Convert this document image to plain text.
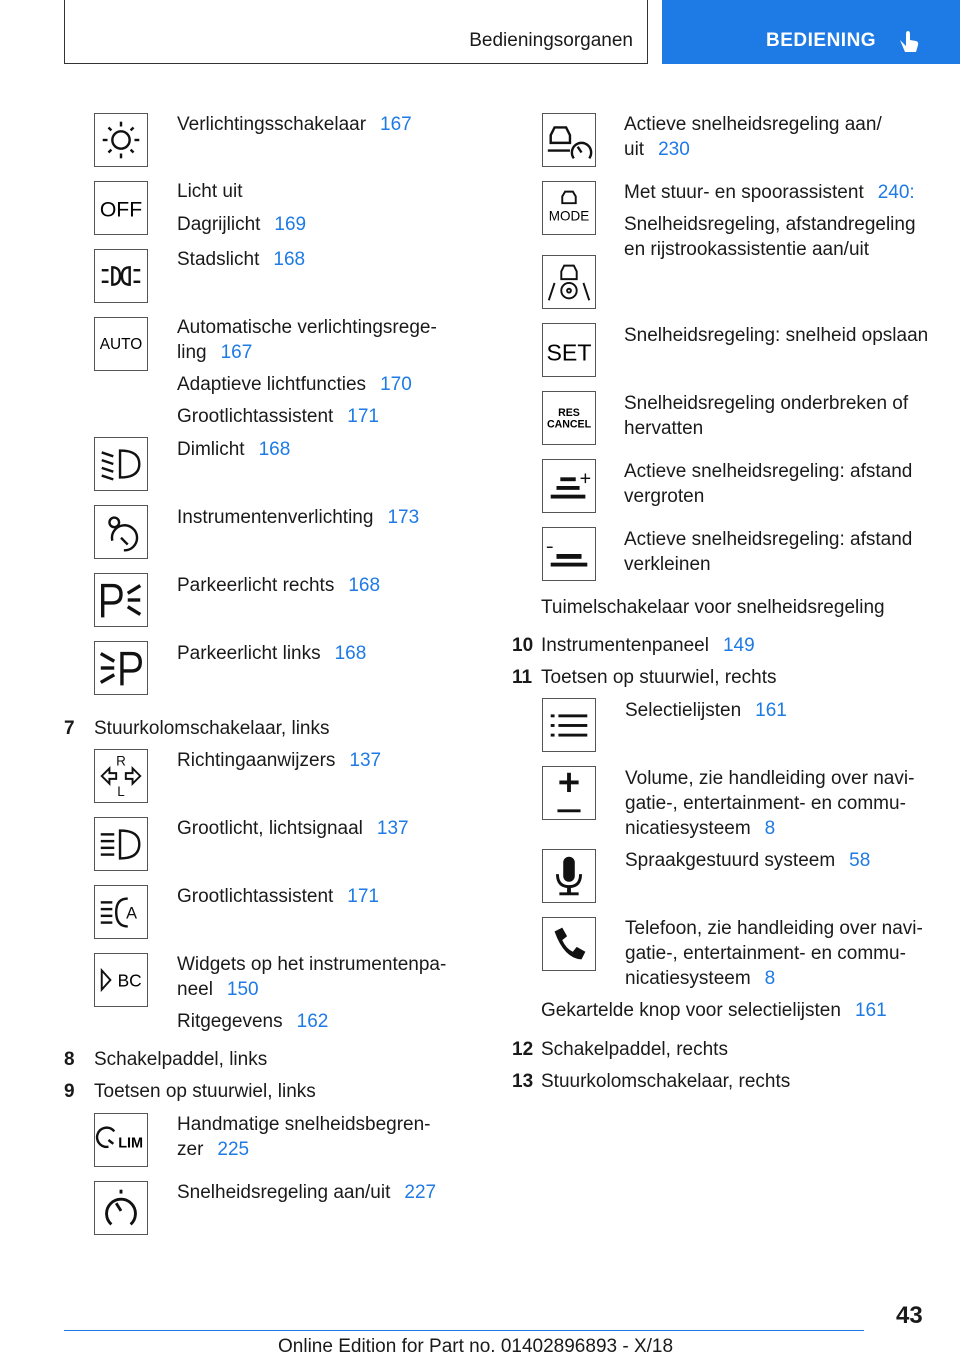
Bedieningsorganen	BEDIENING
OFF
AUTO
R
L
A
BC
LIM
Verlichtingsschakelaar 167
Licht uit
Dagrijlicht 169
Stadslicht 168
Automatische verlichtingsrege-
ling 167
Adaptieve lichtfuncties 170
Grootlichtassistent 171
Dimlicht 168
Instrumentenverlichting 173
Parkeerlicht rechts 168
Parkeerlicht links 168
7 Stuurkolomschakelaar, links
Richtingaanwijzers 137
Grootlicht, lichtsignaal 137
Grootlichtassistent 171
Widgets op het instrumentenpa-
neel 150
Ritgegevens 162
8 Schakelpaddel, links
9 Toetsen op stuurwiel, links
Handmatige snelheidsbegren-
zer 225
Snelheidsregeling aan/uit 227
MODE
SET
RES
CANCEL
Actieve snelheidsregeling aan/
uit 230
Met stuur- en spoorassistent 240:
Snelheidsregeling, afstandregeling
en rijstrookassistentie aan/uit
Snelheidsregeling: snelheid opslaan
Snelheidsregeling onderbreken of
hervatten
Actieve snelheidsregeling: afstand
vergroten
Actieve snelheidsregeling: afstand
verkleinen
Tuimelschakelaar voor snelheidsregeling
10 Instrumentenpaneel 149
11 Toetsen op stuurwiel, rechts
Selectielijsten 161
Volume, zie handleiding over navi-
gatie-, entertainment- en commu-
nicatiesysteem 8
Spraakgestuurd systeem 58
Telefoon, zie handleiding over navi-
gatie-, entertainment- en commu-
nicatiesysteem 8
Gekartelde knop voor selectielijsten 161
12 Schakelpaddel, rechts
13 Stuurkolomschakelaar, rechts
43
Online Edition for Part no. 01402896893 - X/18
